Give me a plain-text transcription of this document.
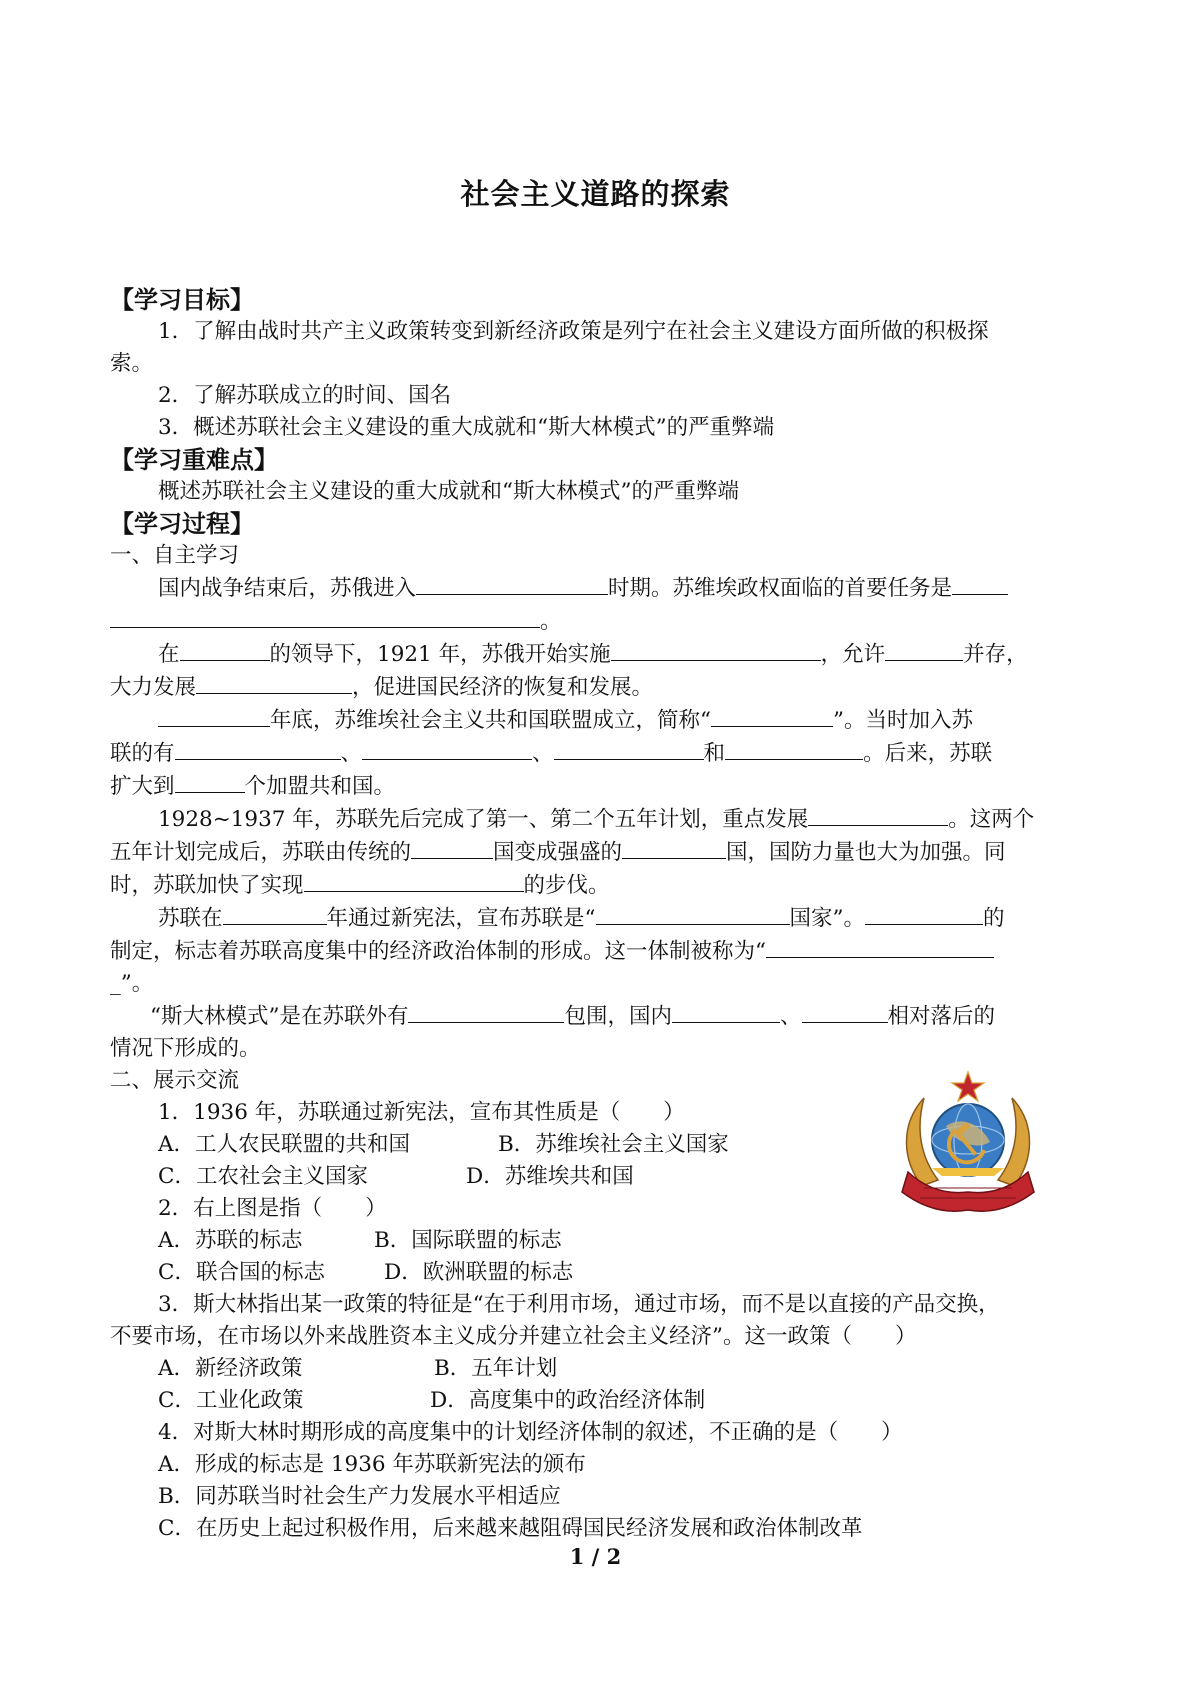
社会主义道路的探索

【学习目标】

1．了解由战时共产主义政策转变到新经济政策是列宁在社会主义建设方面所做的积极探

索。

2．了解苏联成立的时间、国名

3．概述苏联社会主义建设的重大成就和“斯大林模式”的严重弊端

【学习重难点】

概述苏联社会主义建设的重大成就和“斯大林模式”的严重弊端

【学习过程】

一、自主学习

国内战争结束后，苏俄进入	时期。苏维埃政权面临的首要任务是

。

在	的领导下，1921 年，苏俄开始实施	，允许	并存，

大力发展	，促进国民经济的恢复和发展。

年底，苏维埃社会主义共和国联盟成立，简称“	”。当时加入苏

联的有	、	、	和	。后来，苏联

扩大到	个加盟共和国。

1928~1937 年，苏联先后完成了第一、第二个五年计划，重点发展	。这两个

五年计划完成后，苏联由传统的	国变成强盛的	国，国防力量也大为加强。同

时，苏联加快了实现	的步伐。

苏联在	年通过新宪法，宣布苏联是“	国家”。	的

制定，标志着苏联高度集中的经济政治体制的形成。这一体制被称为“

_”。

“斯大林模式”是在苏联外有	包围，国内	、	相对落后的

情况下形成的。

二、展示交流

1．1936 年，苏联通过新宪法，宣布其性质是（　　）

A．工人农民联盟的共和国	B．苏维埃社会主义国家

C．工农社会主义国家	D．苏维埃共和国

2．右上图是指（　　）

A．苏联的标志	B．国际联盟的标志

C．联合国的标志	D．欧洲联盟的标志

3．斯大林指出某一政策的特征是“在于利用市场，通过市场，而不是以直接的产品交换，

不要市场，在市场以外来战胜资本主义成分并建立社会主义经济”。这一政策（　　）

A．新经济政策	B．五年计划

C．工业化政策	D．高度集中的政治经济体制

4．对斯大林时期形成的高度集中的计划经济体制的叙述，不正确的是（　　）

A．形成的标志是 1936 年苏联新宪法的颁布

B．同苏联当时社会生产力发展水平相适应

C．在历史上起过积极作用，后来越来越阻碍国民经济发展和政治体制改革

1 / 2
